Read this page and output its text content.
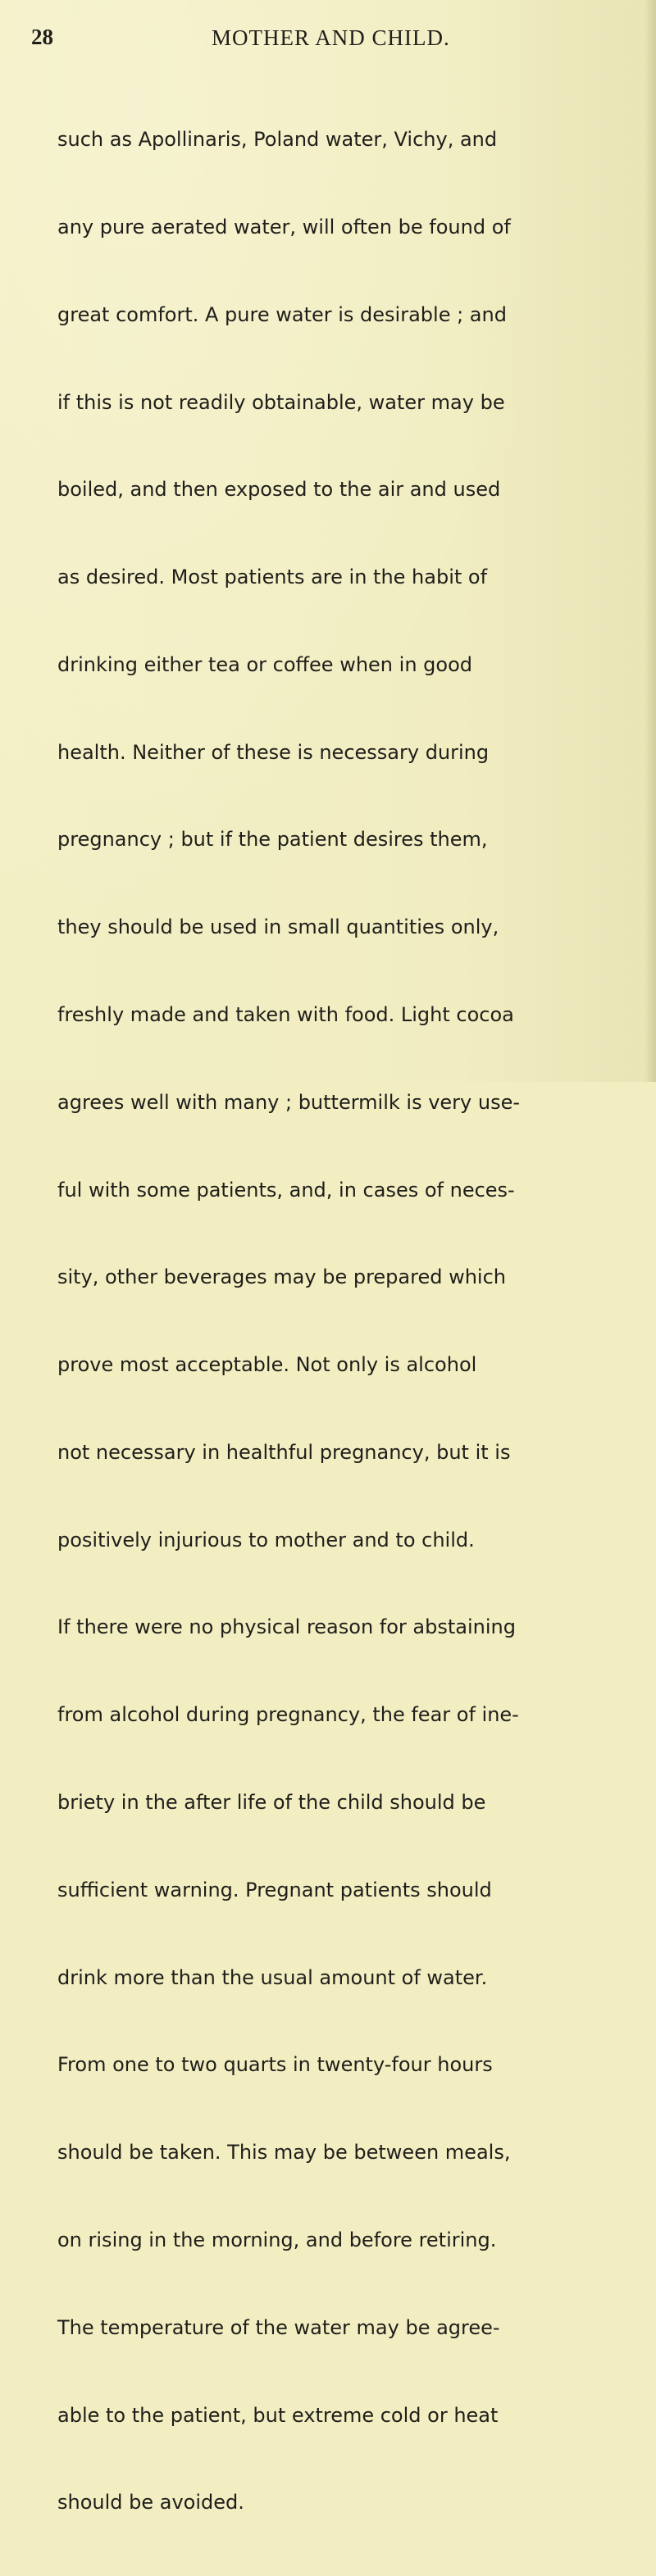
28	MOTHER AND CHILD.

such as Apollinaris, Poland water, Vichy, and

any pure aerated water, will often be found of

great comfort. A pure water is desirable ; and

if this is not readily obtainable, water may be

boiled, and then exposed to the air and used

as desired. Most patients are in the habit of

drinking either tea or coffee when in good

health. Neither of these is necessary during

pregnancy ; but if the patient desires them,

they should be used in small quantities only,

freshly made and taken with food. Light cocoa

agrees well with many ; buttermilk is very use-

ful with some patients, and, in cases of neces-

sity, other beverages may be prepared which

prove most acceptable. Not only is alcohol

not necessary in healthful pregnancy, but it is

positively injurious to mother and to child.

If there were no physical reason for abstaining

from alcohol during pregnancy, the fear of ine-

briety in the after life of the child should be

sufficient warning. Pregnant patients should

drink more than the usual amount of water.

From one to two quarts in twenty-four hours

should be taken. This may be between meals,

on rising in the morning, and before retiring.

The temperature of the water may be agree-

able to the patient, but extreme cold or heat

should be avoided.
